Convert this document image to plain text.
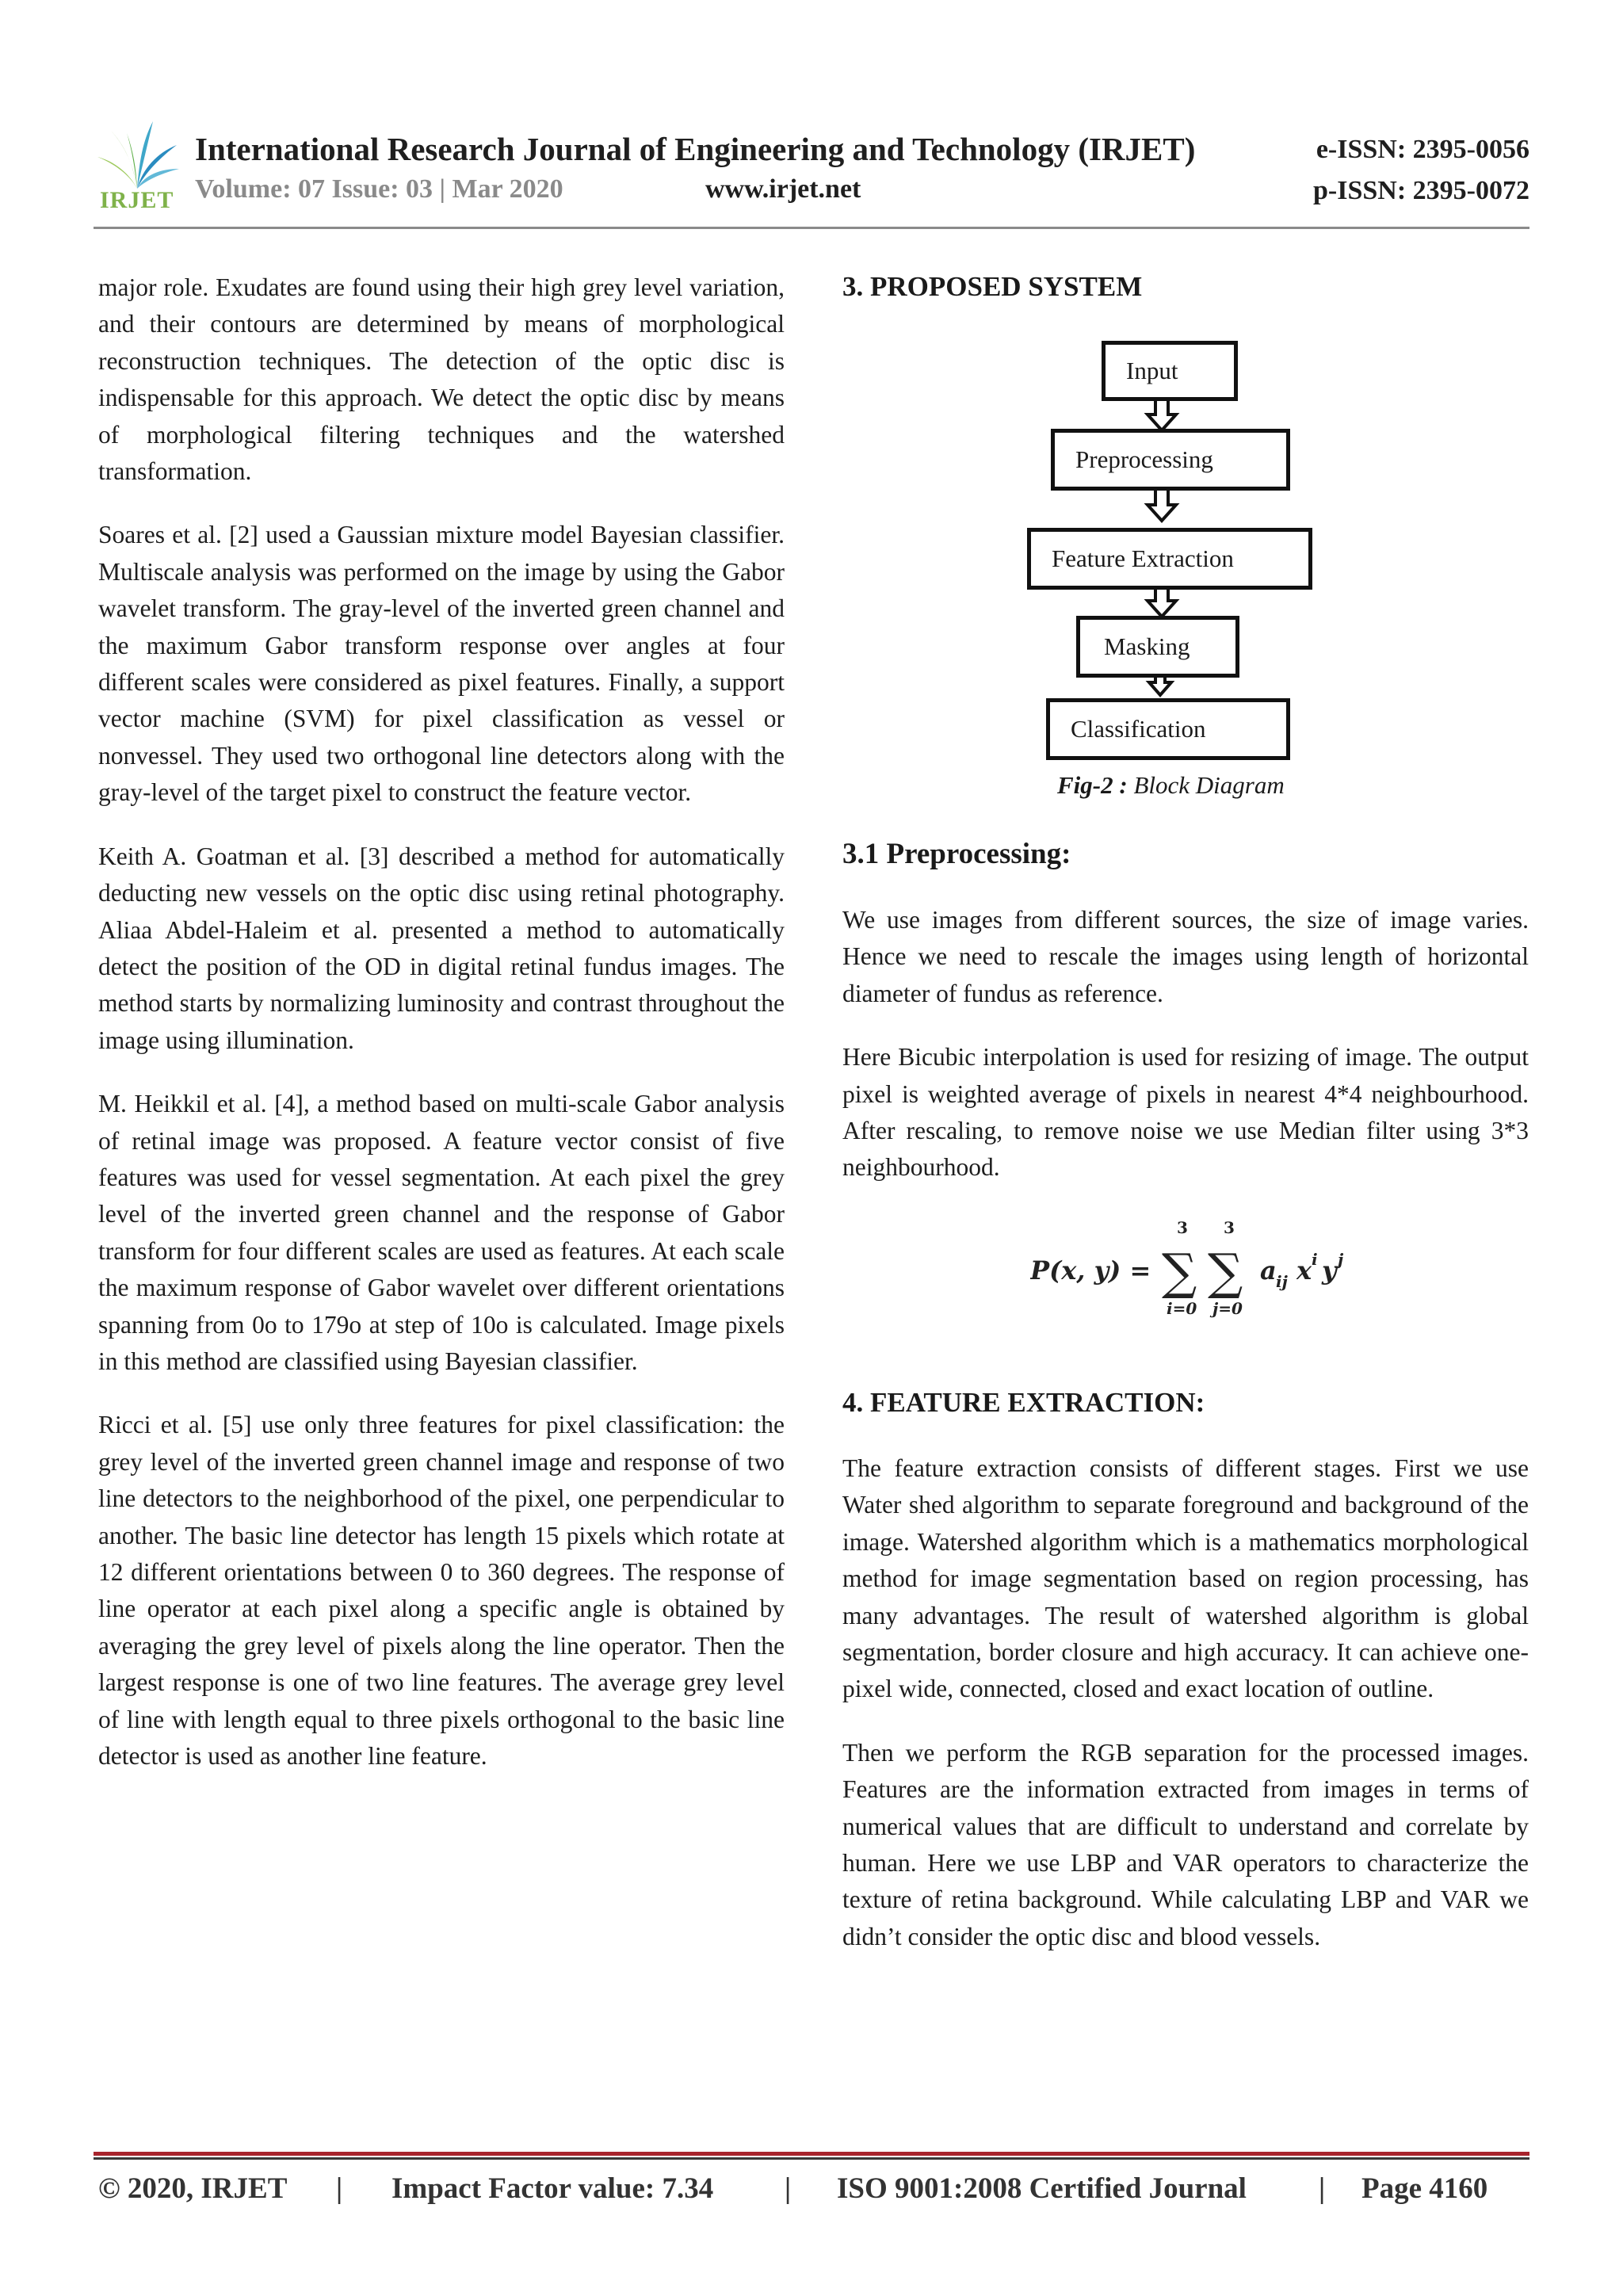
IRJET
International Research Journal of Engineering and Technology (IRJET)
Volume: 07 Issue: 03 | Mar 2020	www.irjet.net
e-ISSN: 2395-0056
p-ISSN: 2395-0072

major role. Exudates are found using their high grey level variation, and their contours are determined by means of morphological reconstruction techniques. The detection of the optic disc is indispensable for this approach. We detect the optic disc by means of morphological filtering techniques and the watershed transformation.

Soares et al. [2] used a Gaussian mixture model Bayesian classifier. Multiscale analysis was performed on the image by using the Gabor wavelet transform. The gray-level of the inverted green channel and the maximum Gabor transform response over angles at four different scales were considered as pixel features. Finally, a support vector machine (SVM) for pixel classification as vessel or nonvessel. They used two orthogonal line detectors along with the gray-level of the target pixel to construct the feature vector.

Keith A. Goatman et al. [3] described a method for automatically deducting new vessels on the optic disc using retinal photography. Aliaa Abdel-Haleim et al. presented a method to automatically detect the position of the OD in digital retinal fundus images. The method starts by normalizing luminosity and contrast throughout the image using illumination.

M. Heikkil et al. [4], a method based on multi-scale Gabor analysis of retinal image was proposed. A feature vector consist of five features was used for vessel segmentation. At each pixel the grey level of the inverted green channel and the response of Gabor transform for four different scales are used as features. At each scale the maximum response of Gabor wavelet over different orientations spanning from 0o to 179o at step of 10o is calculated. Image pixels in this method are classified using Bayesian classifier.

Ricci et al. [5] use only three features for pixel classification: the grey level of the inverted green channel image and response of two line detectors to the neighborhood of the pixel, one perpendicular to another. The basic line detector has length 15 pixels which rotate at 12 different orientations between 0 to 360 degrees. The response of line operator at each pixel along a specific angle is obtained by averaging the grey level of pixels along the line operator. Then the largest response is one of two line features. The average grey level of line with length equal to three pixels orthogonal to the basic line detector is used as another line feature.

3. PROPOSED SYSTEM
Input
Preprocessing
Feature Extraction
Masking
Classification
Fig-2 : Block Diagram
3.1 Preprocessing:

We use images from different sources, the size of image varies. Hence we need to rescale the images using length of horizontal diameter of fundus as reference.

Here Bicubic interpolation is used for resizing of image. The output pixel is weighted average of pixels in nearest 4*4 neighbourhood. After rescaling, to remove noise we use Median filter using 3*3 neighbourhood.

P(x, y) =
3
∑
i=0
3
∑
j=0
a ij x i y j
4. FEATURE EXTRACTION:

The feature extraction consists of different stages. First we use Water shed algorithm to separate foreground and background of the image. Watershed algorithm which is a mathematics morphological method for image segmentation based on region processing, has many advantages. The result of watershed algorithm is global segmentation, border closure and high accuracy. It can achieve one-pixel wide, connected, closed and exact location of outline.

Then we perform the RGB separation for the processed images. Features are the information extracted from images in terms of numerical values that are difficult to understand and correlate by human. Here we use LBP and VAR operators to characterize the texture of retina background. While calculating LBP and VAR we didn’t consider the optic disc and blood vessels.

© 2020, IRJET | Impact Factor value: 7.34 | ISO 9001:2008 Certified Journal | Page 4160
